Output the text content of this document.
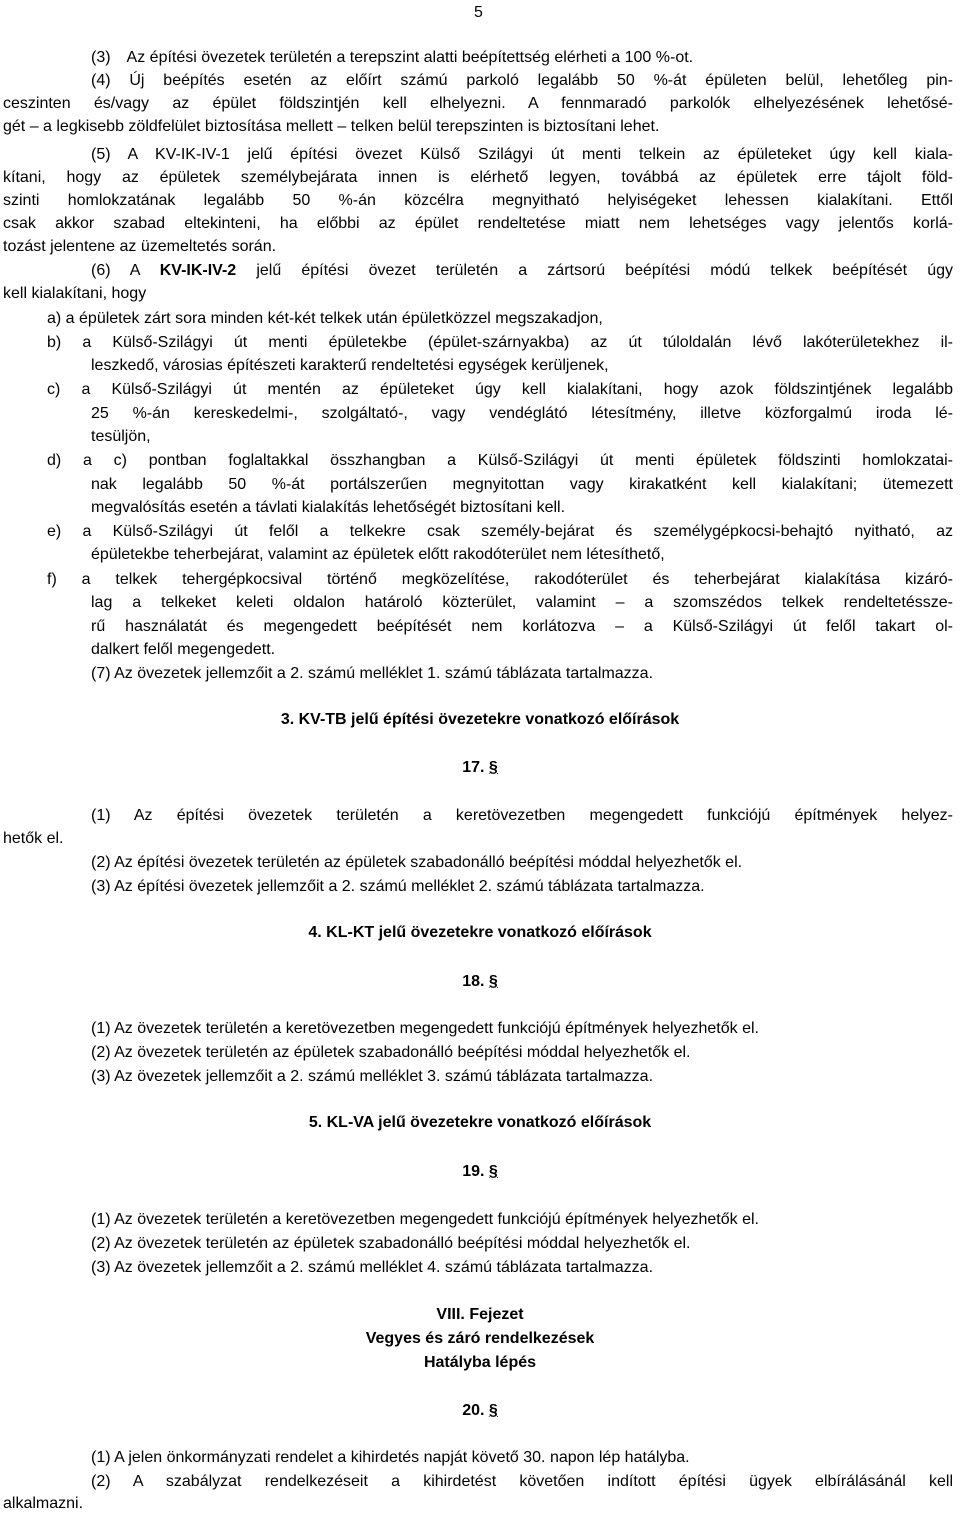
5
(3) Az építési övezetek területén a terepszint alatti beépítettség elérheti a 100 %-ot.
(4) Új beépítés esetén az előírt számú parkoló legalább 50 %-át épületen belül, lehetőleg pin-
ceszinten és/vagy az épület földszintjén kell elhelyezni. A fennmaradó parkolók elhelyezésének lehetősé-
gét – a legkisebb zöldfelület biztosítása mellett – telken belül terepszinten is biztosítani lehet.
(5) A KV-IK-IV-1 jelű építési övezet Külső Szilágyi út menti telkein az épületeket úgy kell kiala-
kítani, hogy az épületek személybejárata innen is elérhető legyen, továbbá az épületek erre tájolt föld-
szinti homlokzatának legalább 50 %-án közcélra megnyitható helyiségeket lehessen kialakítani. Ettől
csak akkor szabad eltekinteni, ha előbbi az épület rendeltetése miatt nem lehetséges vagy jelentős korlá-
tozást jelentene az üzemeltetés során.
(6) A KV-IK-IV-2 jelű építési övezet területén a zártsorú beépítési módú telkek beépítését úgy
kell kialakítani, hogy
a) a épületek zárt sora minden két-két telkek után épületközzel megszakadjon,
b) a Külső-Szilágyi út menti épületekbe (épület-szárnyakba) az út túloldalán lévő lakóterületekhez il-
leszkedő, városias építészeti karakterű rendeltetési egységek kerüljenek,
c) a Külső-Szilágyi út mentén az épületeket úgy kell kialakítani, hogy azok földszintjének legalább
25 %-án kereskedelmi-, szolgáltató-, vagy vendéglátó létesítmény, illetve közforgalmú iroda lé-
tesüljön,
d) a c) pontban foglaltakkal összhangban a Külső-Szilágyi út menti épületek földszinti homlokzatai-
nak legalább 50 %-át portálszerűen megnyitottan vagy kirakatként kell kialakítani; ütemezett
megvalósítás esetén a távlati kialakítás lehetőségét biztosítani kell.
e) a Külső-Szilágyi út felől a telkekre csak személy-bejárat és személygépkocsi-behajtó nyitható, az
épületekbe teherbejárat, valamint az épületek előtt rakodóterület nem létesíthető,
f) a telkek tehergépkocsival történő megközelítése, rakodóterület és teherbejárat kialakítása kizáró-
lag a telkeket keleti oldalon határoló közterület, valamint – a szomszédos telkek rendeltetéssze-
rű használatát és megengedett beépítését nem korlátozva – a Külső-Szilágyi út felől takart ol-
dalkert felől megengedett.
(7) Az övezetek jellemzőit a 2. számú melléklet 1. számú táblázata tartalmazza.
3. KV-TB jelű építési övezetekre vonatkozó előírások
17. §
(1) Az építési övezetek területén a keretövezetben megengedett funkciójú építmények helyez-
hetők el.
(2) Az építési övezetek területén az épületek szabadonálló beépítési móddal helyezhetők el.
(3) Az építési övezetek jellemzőit a 2. számú melléklet 2. számú táblázata tartalmazza.
4. KL-KT jelű övezetekre vonatkozó előírások
18. §
(1) Az övezetek területén a keretövezetben megengedett funkciójú építmények helyezhetők el.
(2) Az övezetek területén az épületek szabadonálló beépítési móddal helyezhetők el.
(3) Az övezetek jellemzőit a 2. számú melléklet 3. számú táblázata tartalmazza.
5. KL-VA jelű övezetekre vonatkozó előírások
19. §
(1) Az övezetek területén a keretövezetben megengedett funkciójú építmények helyezhetők el.
(2) Az övezetek területén az épületek szabadonálló beépítési móddal helyezhetők el.
(3) Az övezetek jellemzőit a 2. számú melléklet 4. számú táblázata tartalmazza.
VIII. Fejezet
Vegyes és záró rendelkezések
Hatályba lépés
20. §
(1) A jelen önkormányzati rendelet a kihirdetés napját követő 30. napon lép hatályba.
(2) A szabályzat rendelkezéseit a kihirdetést követően indított építési ügyek elbírálásánál kell
alkalmazni.
